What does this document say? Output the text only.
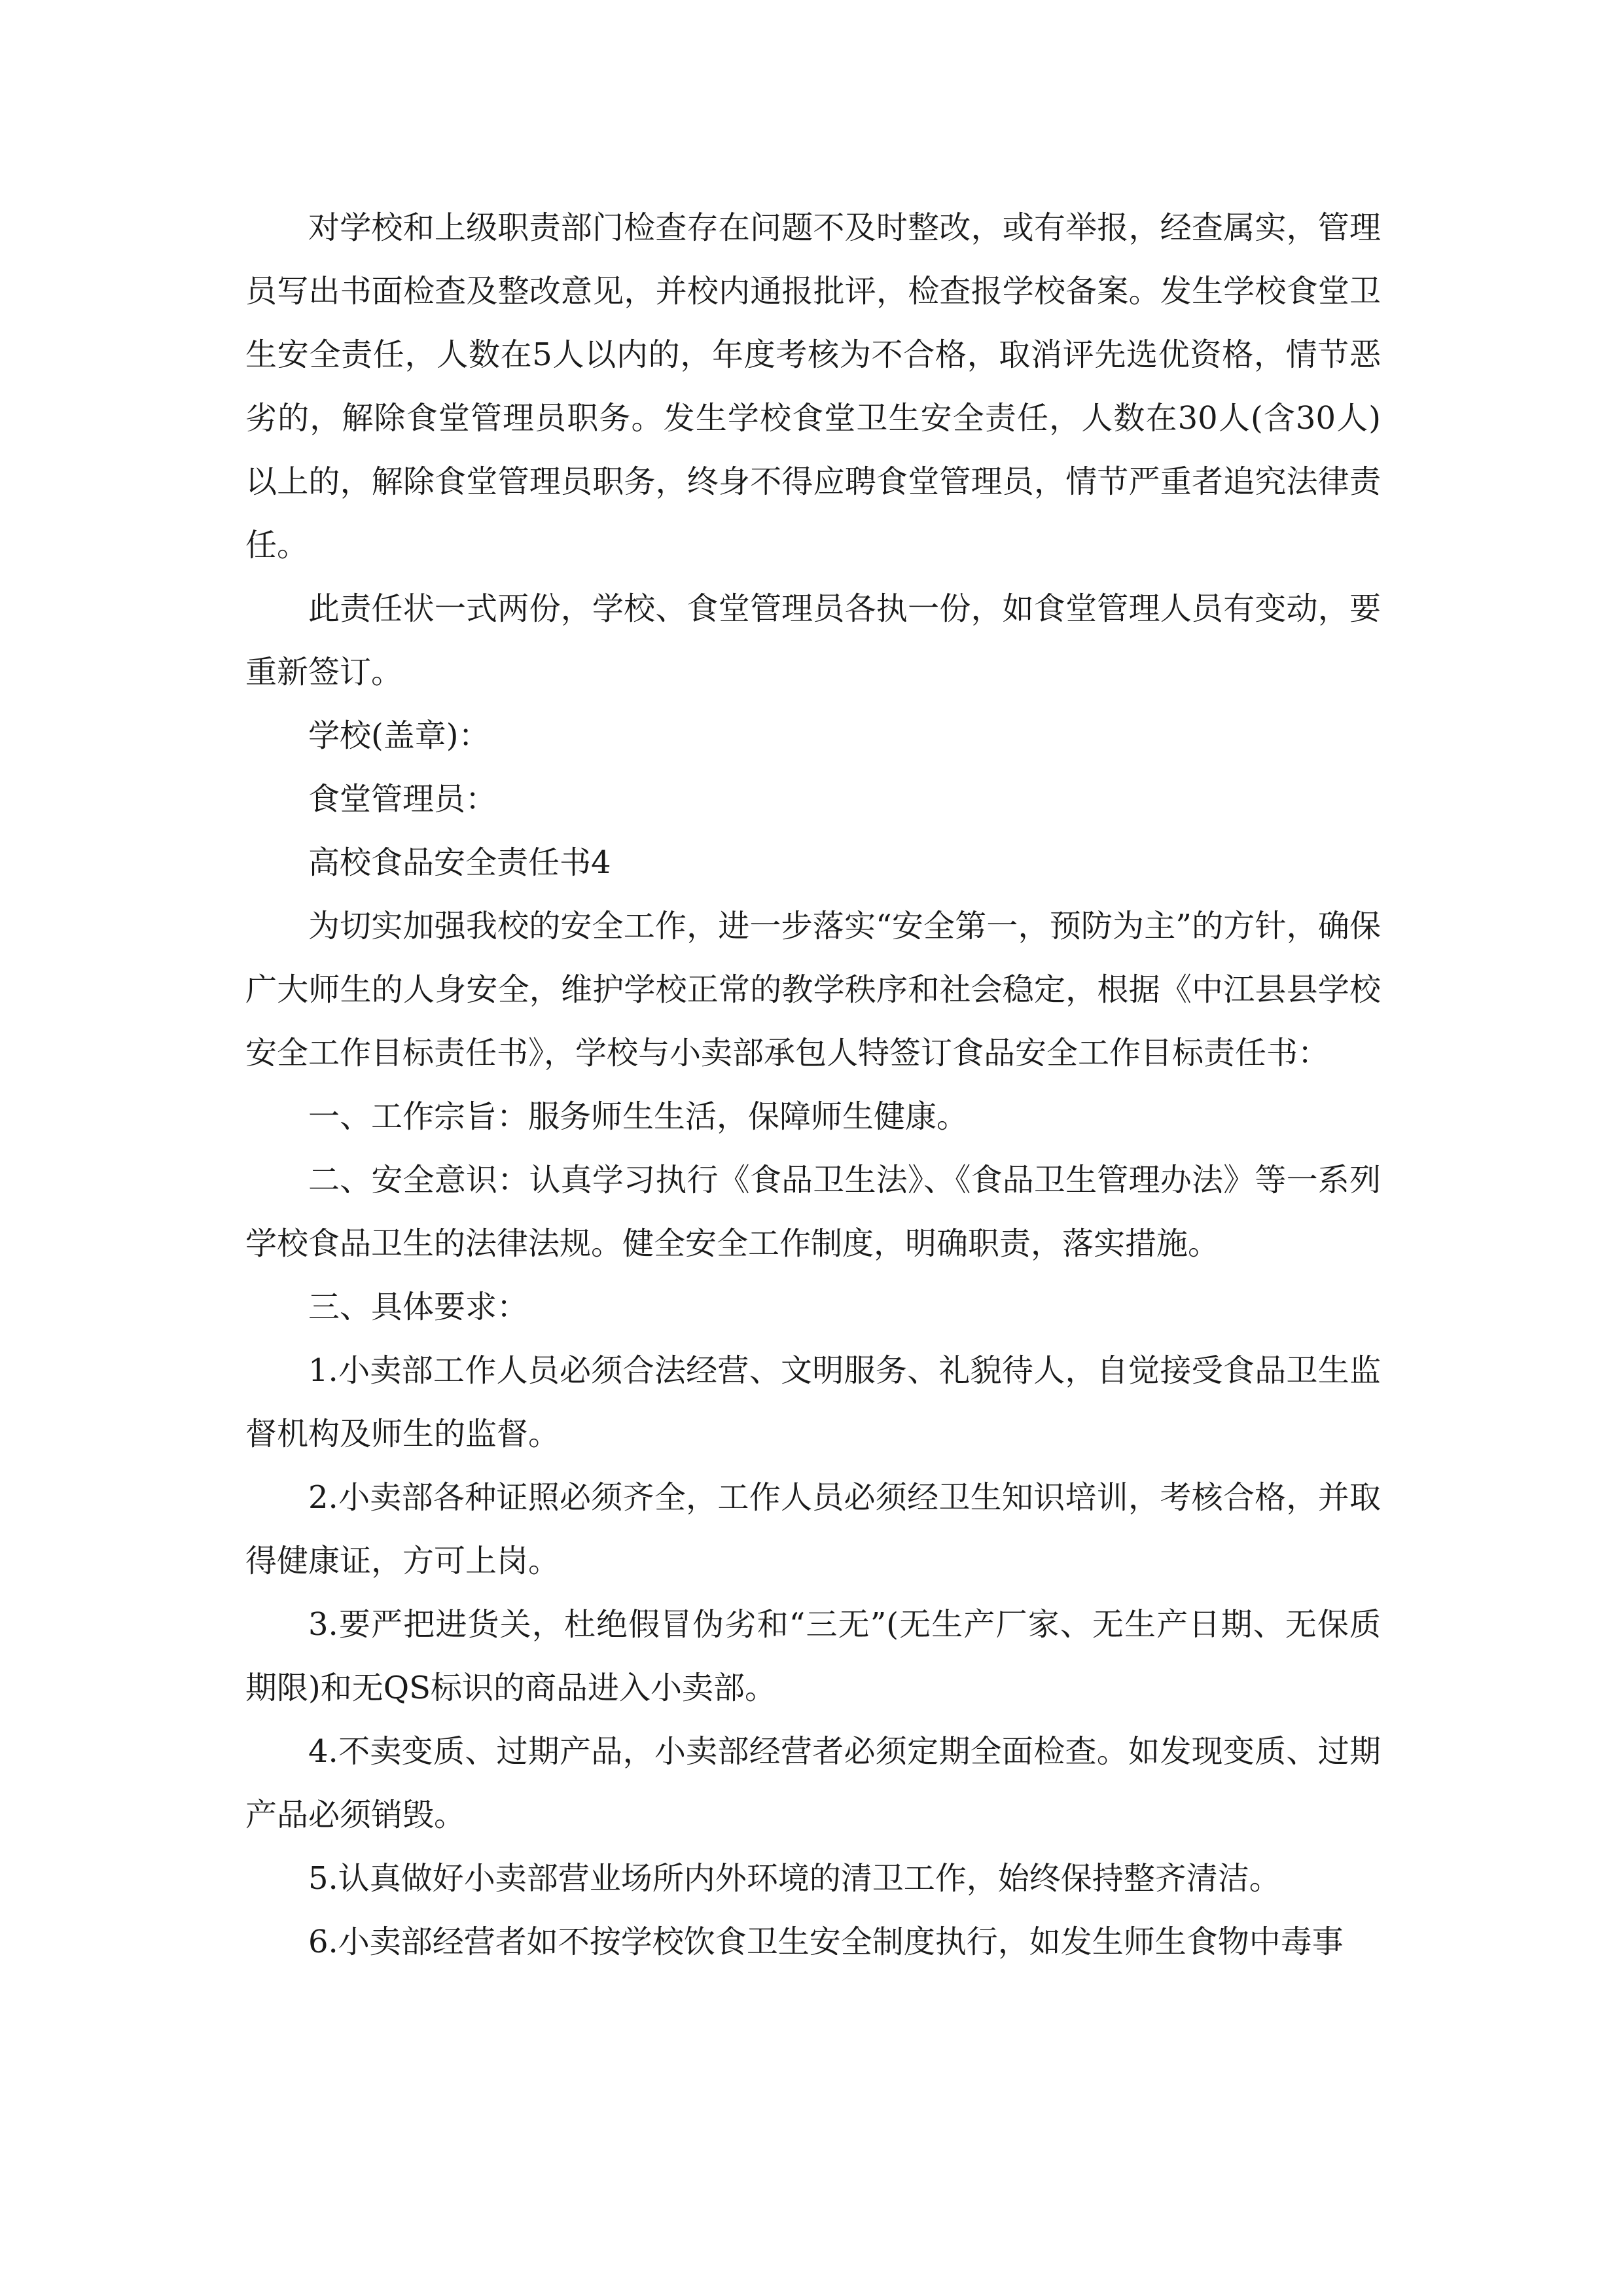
对学校和上级职责部门检查存在问题不及时整改，或有举报，经查属实，管理员写出书面检查及整改意见，并校内通报批评，检查报学校备案。发生学校食堂卫生安全责任，人数在5人以内的，年度考核为不合格，取消评先选优资格，情节恶劣的，解除食堂管理员职务。发生学校食堂卫生安全责任，人数在30人(含30人)以上的，解除食堂管理员职务，终身不得应聘食堂管理员，情节严重者追究法律责任。

此责任状一式两份，学校、食堂管理员各执一份，如食堂管理人员有变动，要重新签订。

学校(盖章)：

食堂管理员：

高校食品安全责任书4

为切实加强我校的安全工作，进一步落实“安全第一，预防为主”的方针，确保广大师生的人身安全，维护学校正常的教学秩序和社会稳定，根据《中江县县学校安全工作目标责任书》，学校与小卖部承包人特签订食品安全工作目标责任书：

一、工作宗旨：服务师生生活，保障师生健康。

二、安全意识：认真学习执行《食品卫生法》、《食品卫生管理办法》等一系列学校食品卫生的法律法规。健全安全工作制度，明确职责，落实措施。

三、具体要求：

1.小卖部工作人员必须合法经营、文明服务、礼貌待人，自觉接受食品卫生监督机构及师生的监督。

2.小卖部各种证照必须齐全，工作人员必须经卫生知识培训，考核合格，并取得健康证，方可上岗。

3.要严把进货关，杜绝假冒伪劣和“三无”(无生产厂家、无生产日期、无保质期限)和无QS标识的商品进入小卖部。

4.不卖变质、过期产品，小卖部经营者必须定期全面检查。如发现变质、过期产品必须销毁。

5.认真做好小卖部营业场所内外环境的清卫工作，始终保持整齐清洁。

6.小卖部经营者如不按学校饮食卫生安全制度执行，如发生师生食物中毒事
